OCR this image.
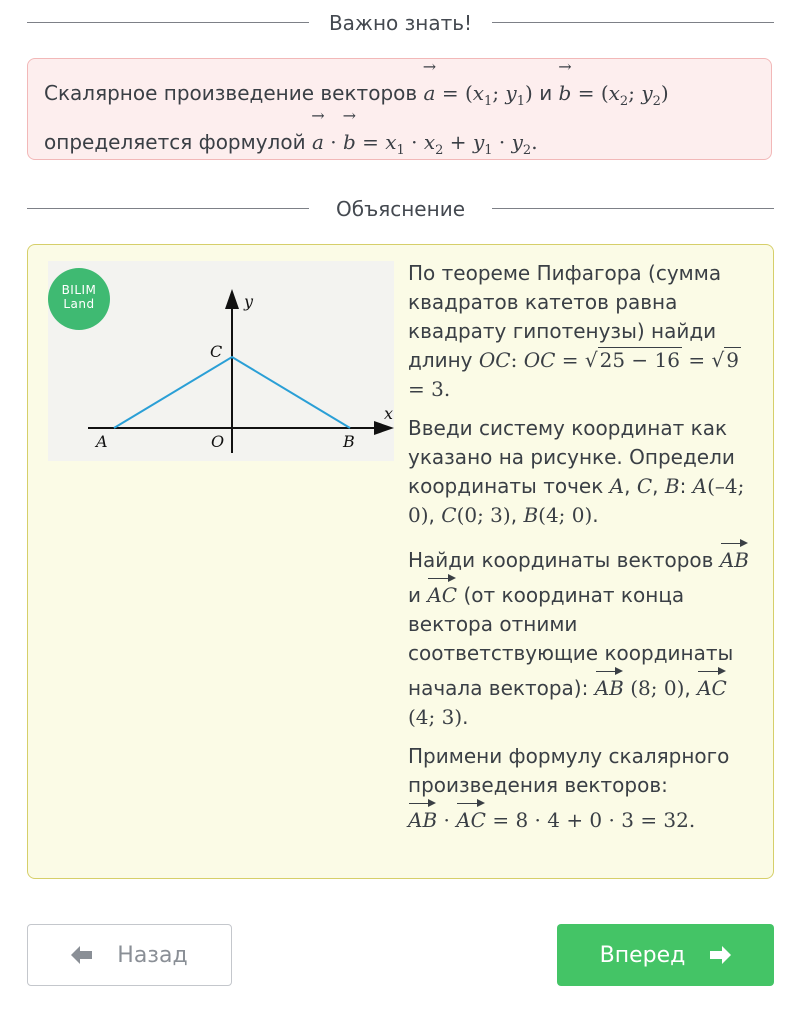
Важно знать!

Скалярное произведение векторов → $a = (x_1$; $y_1$) $и \to b = (x_2$; $y_2$)

определяется формулой → a · → $b = x_1 \cdot x_2 + y_1 \cdot y_2$.

Объяснение
y
x
C
A	O	B
BILIM Land
По теореме Пифагора (сумма квадратов катетов равна квадрату гипотенузы) найди длину OC: OC = √ 25 − 16 = √ 9 = 3.
Введи систему координат как указано на рисунке. Определи координаты точек A, C, B: A(–4; 0), C(0; 3), B(4; 0).
Найди координаты векторов AB и AC (от координат конца вектора отними соответствующие координаты начала вектора): AB (8; 0), AC (4; 3).
Примени формулу скалярного произведения векторов:
AB · AC = 8 · 4 + 0 · 3 = 32.
Назад	Вперед
